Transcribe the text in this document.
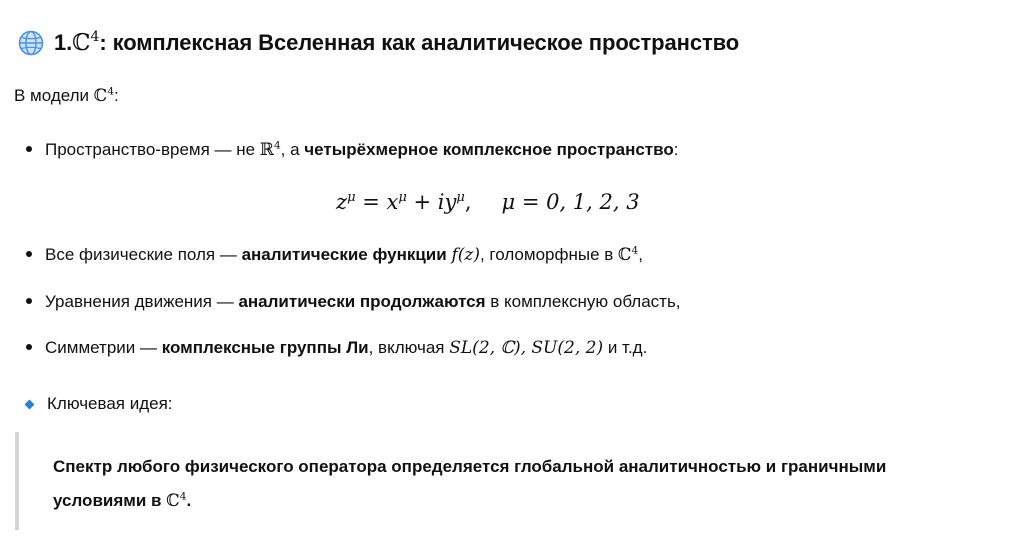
1. ℂ$^4$ : комплексная Вселенная как аналитическое пространство
В модели ℂ$^4$:
Пространство-время — не ℝ$^4$, а четырёхмерное комплексное пространство:
$z^\mu = x^\mu + iy^\mu$, μ = 0, 1, 2, 3
Все физические поля — аналитические функции f(z), голоморфные в ℂ$^4$,
Уравнения движения — аналитически продолжаются в комплексную область,
Симметрии — комплексные группы Ли, включая SL(2, ℂ), SU(2, 2) и т.д.
Ключевая идея:
Спектр любого физического оператора определяется глобальной аналитичностью и граничными условиями в ℂ$^4$.
